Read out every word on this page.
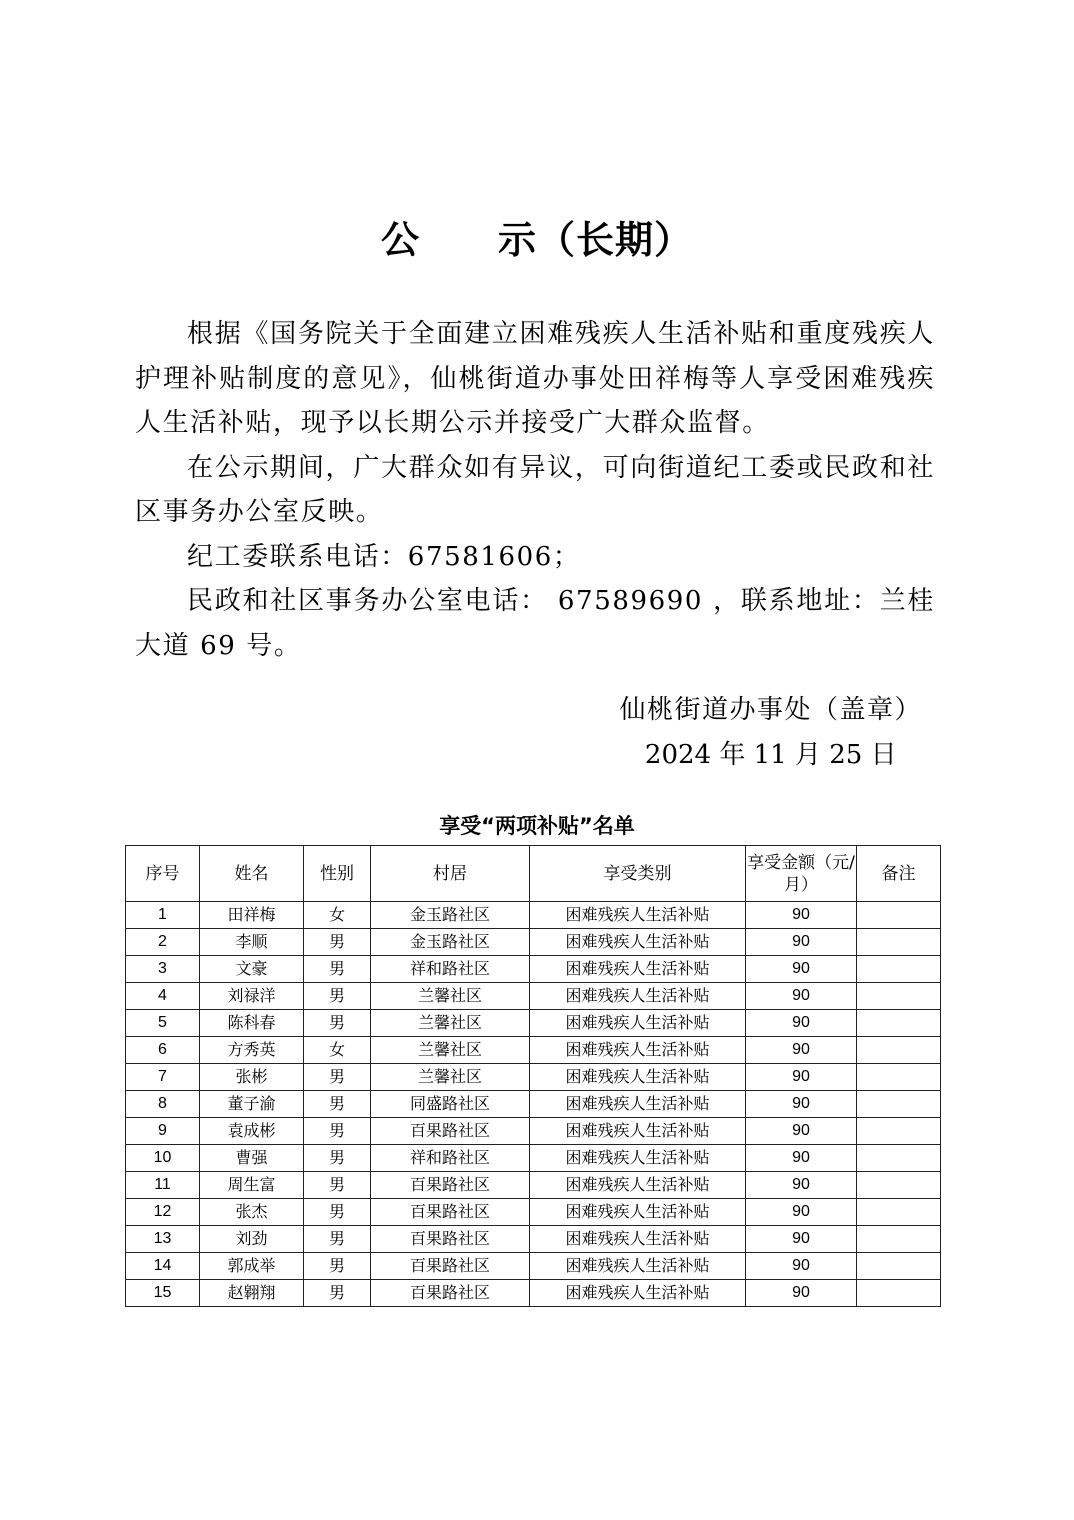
公　　示（长期）

根据《国务院关于全面建立困难残疾人生活补贴和重度残疾人护理补贴制度的意见》，仙桃街道办事处田祥梅等人享受困难残疾人生活补贴，现予以长期公示并接受广大群众监督。

在公示期间，广大群众如有异议，可向街道纪工委或民政和社区事务办公室反映。

纪工委联系电话：67581606；

民政和社区事务办公室电话： 67589690 ，联系地址：兰桂大道 69 号。

仙桃街道办事处（盖章）
2024 年 11 月 25 日
享受“两项补贴”名单
序号	姓名	性别	村居	享受类别	享受金额（元/月）	备注
1	田祥梅	女	金玉路社区	困难残疾人生活补贴	90	
2	李顺	男	金玉路社区	困难残疾人生活补贴	90	
3	文豪	男	祥和路社区	困难残疾人生活补贴	90	
4	刘禄洋	男	兰馨社区	困难残疾人生活补贴	90	
5	陈科春	男	兰馨社区	困难残疾人生活补贴	90	
6	方秀英	女	兰馨社区	困难残疾人生活补贴	90	
7	张彬	男	兰馨社区	困难残疾人生活补贴	90	
8	董子渝	男	同盛路社区	困难残疾人生活补贴	90	
9	袁成彬	男	百果路社区	困难残疾人生活补贴	90	
10	曹强	男	祥和路社区	困难残疾人生活补贴	90	
11	周生富	男	百果路社区	困难残疾人生活补贴	90	
12	张杰	男	百果路社区	困难残疾人生活补贴	90	
13	刘劲	男	百果路社区	困难残疾人生活补贴	90	
14	郭成举	男	百果路社区	困难残疾人生活补贴	90	
15	赵翱翔	男	百果路社区	困难残疾人生活补贴	90	
